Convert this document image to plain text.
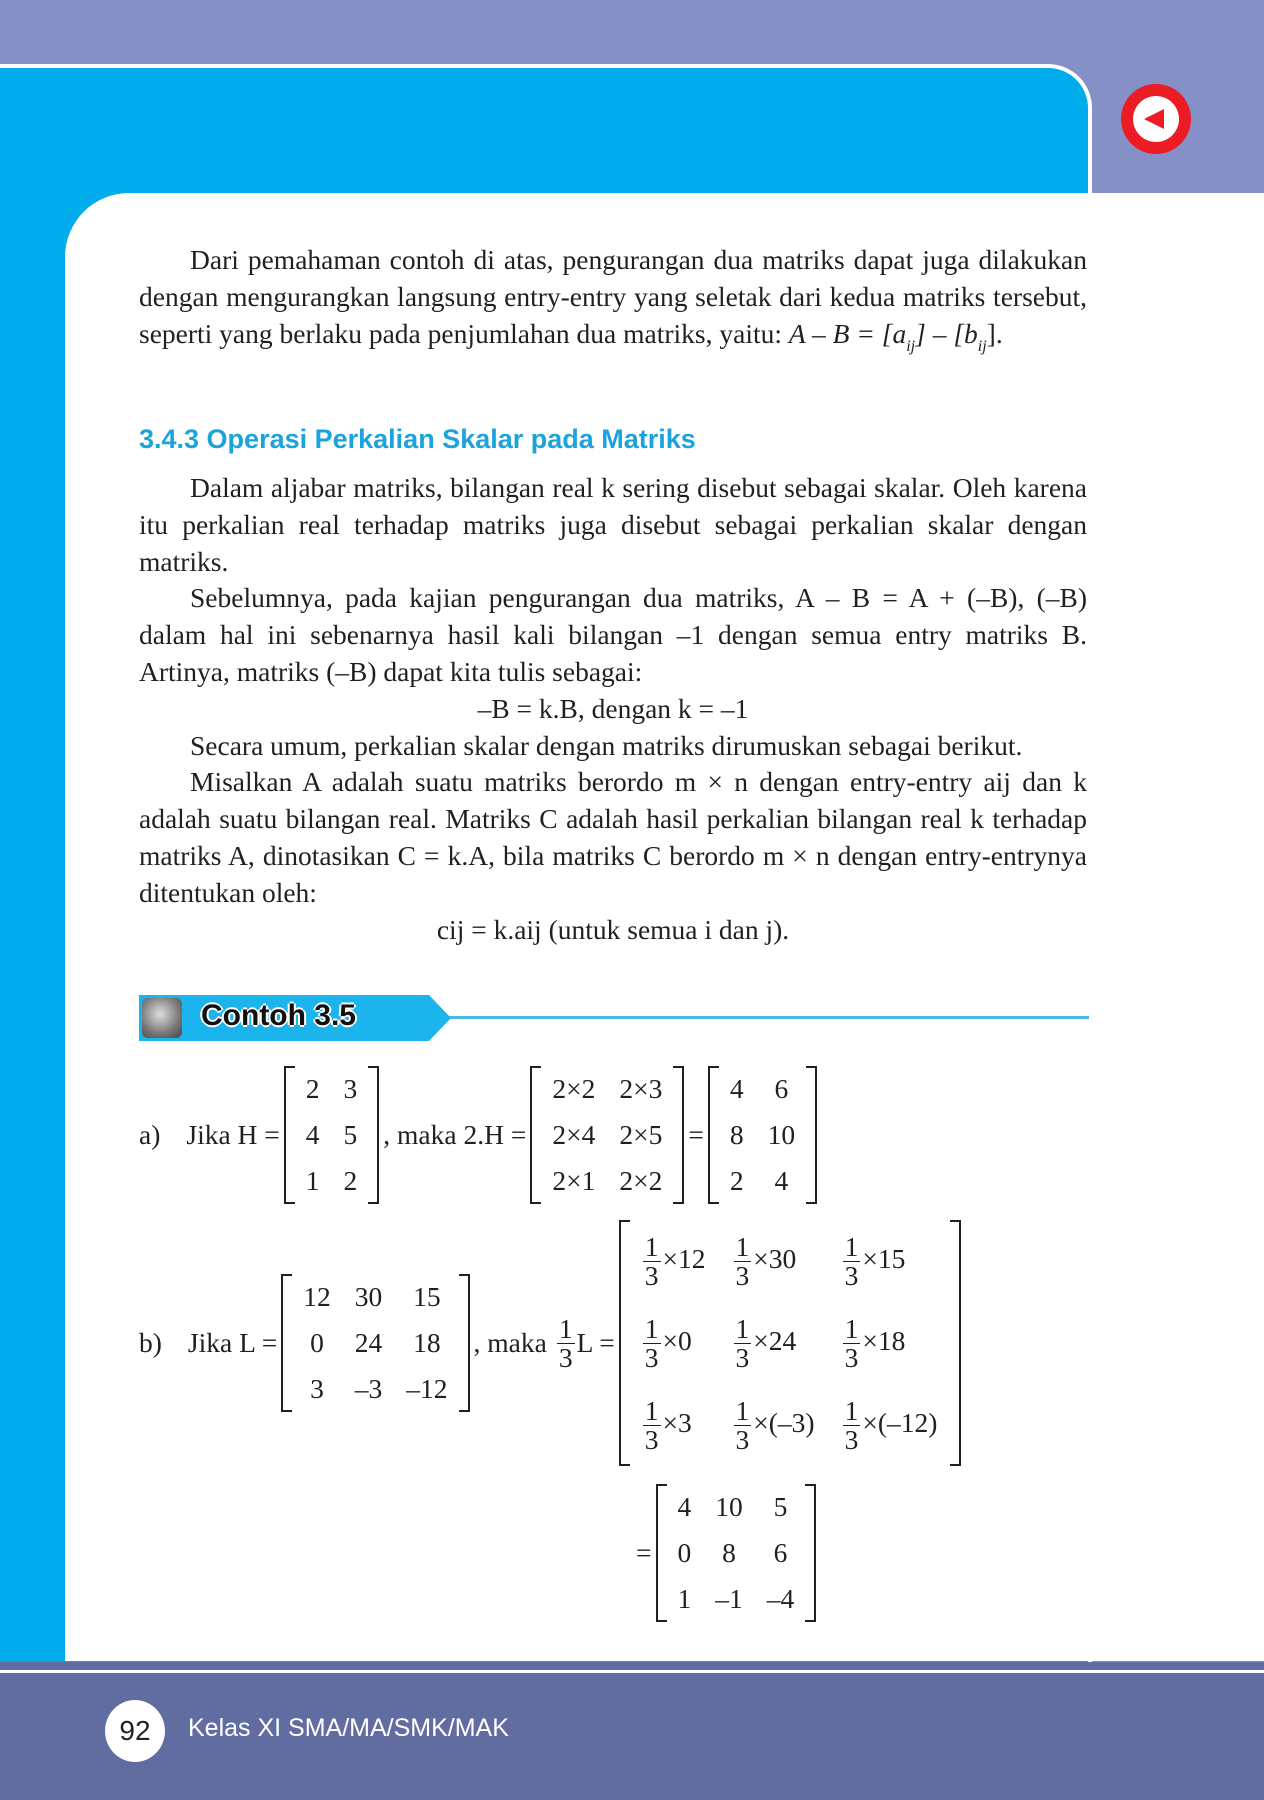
Dari pemahaman contoh di atas, pengurangan dua matriks dapat juga dilakukan dengan mengurangkan langsung entry-entry yang seletak dari kedua matriks tersebut, seperti yang berlaku pada penjumlahan dua matriks, yaitu: $A - B = [a_{ij}] - [b_{ij}]$.

3.4.3 Operasi Perkalian Skalar pada Matriks

Dalam aljabar matriks, bilangan real k sering disebut sebagai skalar. Oleh karena itu perkalian real terhadap matriks juga disebut sebagai perkalian skalar dengan matriks.

Sebelumnya, pada kajian pengurangan dua matriks, A – B = A + (–B), (–B) dalam hal ini sebenarnya hasil kali bilangan –1 dengan semua entry matriks B. Artinya, matriks (–B) dapat kita tulis sebagai:

–B = k.B, dengan k = –1

Secara umum, perkalian skalar dengan matriks dirumuskan sebagai berikut.

Misalkan A adalah suatu matriks berordo m × n dengan entry-entry aij dan k adalah suatu bilangan real. Matriks C adalah hasil perkalian bilangan real k terhadap matriks A, dinotasikan C = k.A, bila matriks C berordo m × n dengan entry-entrynya ditentukan oleh:

cij = k.aij (untuk semua i dan j).

Contoh 3.5
a) Jika H =
2	3
4	5
1	2
, maka 2.H =
2×2	2×3
2×4	2×5
2×1	2×2
=
4	6
8	10
2	4
b) Jika L =
12	30	15
0	24	18
3	–3	–12
, maka $\frac{1}{3}$ L =
$\frac{1}{3} \times 12$	$\frac{1}{3} \times 30$	$\frac{1}{3} \times 15$

$\frac{1}{3} \times 0$	$\frac{1}{3} \times 24$	$\frac{1}{3} \times 18$

$\frac{1}{3} \times 3$	$\frac{1}{3} \times(-3)$	$\frac{1}{3} \times(-12)$
=
4	10	5
0	8	6
1	–1	–4
92	Kelas XI SMA/MA/SMK/MAK
